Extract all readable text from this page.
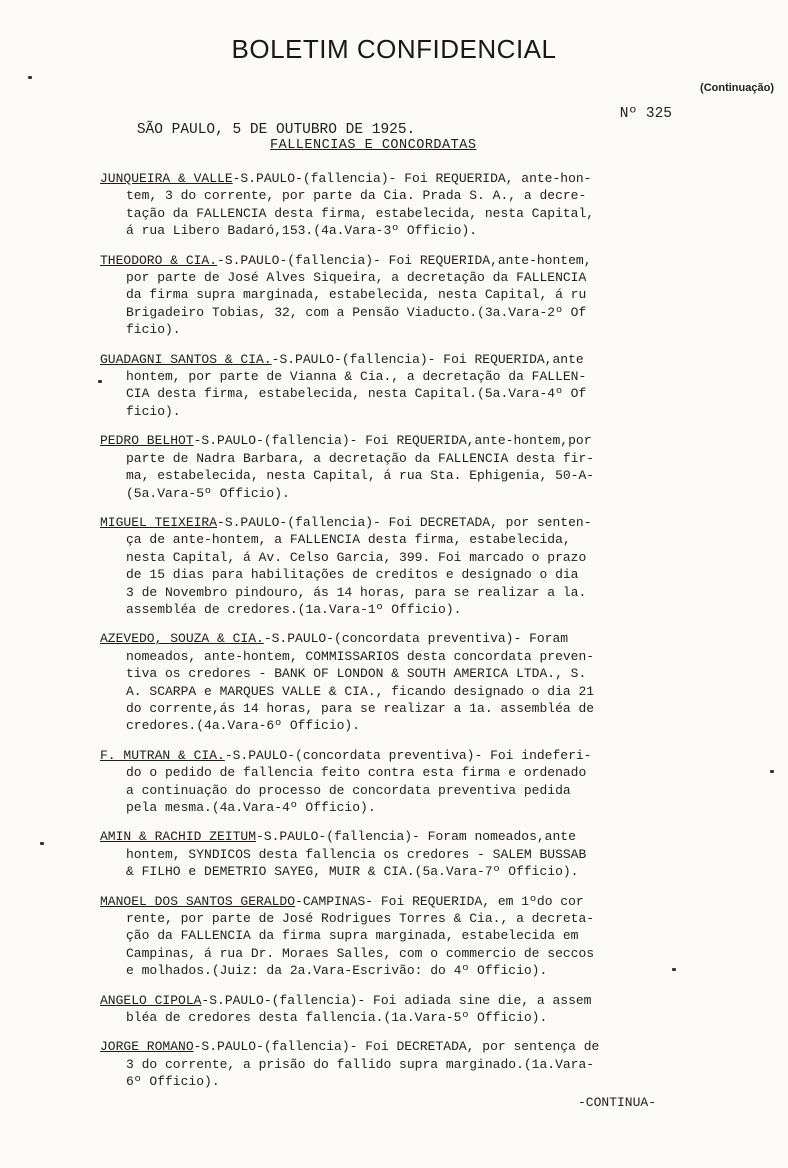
BOLETIM CONFIDENCIAL
(Continuação)

SÃO PAULO, 5 DE OUTUBRO DE 1925.

Nº 325

FALLENCIAS E CONCORDATAS
JUNQUEIRA & VALLE-S.PAULO-(fallencia)- Foi REQUERIDA, ante-hon-
tem, 3 do corrente, por parte da Cia. Prada S. A., a decre-
tação da FALLENCIA desta firma, estabelecida, nesta Capital,
á rua Libero Badaró,153.(4a.Vara-3º Officio).
THEODORO & CIA.-S.PAULO-(fallencia)- Foi REQUERIDA,ante-hontem,
por parte de José Alves Siqueira, a decretação da FALLENCIA
da firma supra marginada, estabelecida, nesta Capital, á ru
Brigadeiro Tobias, 32, com a Pensão Viaducto.(3a.Vara-2º Of
ficio).
GUADAGNI SANTOS & CIA.-S.PAULO-(fallencia)- Foi REQUERIDA,ante
hontem, por parte de Vianna & Cia., a decretação da FALLEN-
CIA desta firma, estabelecida, nesta Capital.(5a.Vara-4º Of
ficio).
PEDRO BELHOT-S.PAULO-(fallencia)- Foi REQUERIDA,ante-hontem,por
parte de Nadra Barbara, a decretação da FALLENCIA desta fir-
ma, estabelecida, nesta Capital, á rua Sta. Ephigenia, 50-A-
(5a.Vara-5º Officio).
MIGUEL TEIXEIRA-S.PAULO-(fallencia)- Foi DECRETADA, por senten-
ça de ante-hontem, a FALLENCIA desta firma, estabelecida,
nesta Capital, á Av. Celso Garcia, 399. Foi marcado o prazo
de 15 dias para habilitações de creditos e designado o dia
3 de Novembro pindouro, ás 14 horas, para se realizar a la.
assembléa de credores.(1a.Vara-1º Officio).
AZEVEDO, SOUZA & CIA.-S.PAULO-(concordata preventiva)- Foram
nomeados, ante-hontem, COMMISSARIOS desta concordata preven-
tiva os credores - BANK OF LONDON & SOUTH AMERICA LTDA., S.
A. SCARPA e MARQUES VALLE & CIA., ficando designado o dia 21
do corrente,ás 14 horas, para se realizar a 1a. assembléa de
credores.(4a.Vara-6º Officio).
F. MUTRAN & CIA.-S.PAULO-(concordata preventiva)- Foi indeferi-
do o pedido de fallencia feito contra esta firma e ordenado
a continuação do processo de concordata preventiva pedida
pela mesma.(4a.Vara-4º Officio).
AMIN & RACHID ZEITUM-S.PAULO-(fallencia)- Foram nomeados,ante
hontem, SYNDICOS desta fallencia os credores - SALEM BUSSAB
& FILHO e DEMETRIO SAYEG, MUIR & CIA.(5a.Vara-7º Officio).
MANOEL DOS SANTOS GERALDO-CAMPINAS- Foi REQUERIDA, em 1ºdo cor
rente, por parte de José Rodrigues Torres & Cia., a decreta-
ção da FALLENCIA da firma supra marginada, estabelecida em
Campinas, á rua Dr. Moraes Salles, com o commercio de seccos
e molhados.(Juiz: da 2a.Vara-Escrivão: do 4º Officio).
ANGELO CIPOLA-S.PAULO-(fallencia)- Foi adiada sine die, a assem
bléa de credores desta fallencia.(1a.Vara-5º Officio).
JORGE ROMANO-S.PAULO-(fallencia)- Foi DECRETADA, por sentença de
3 do corrente, a prisão do fallido supra marginado.(1a.Vara-
6º Officio).
-CONTINUA-
